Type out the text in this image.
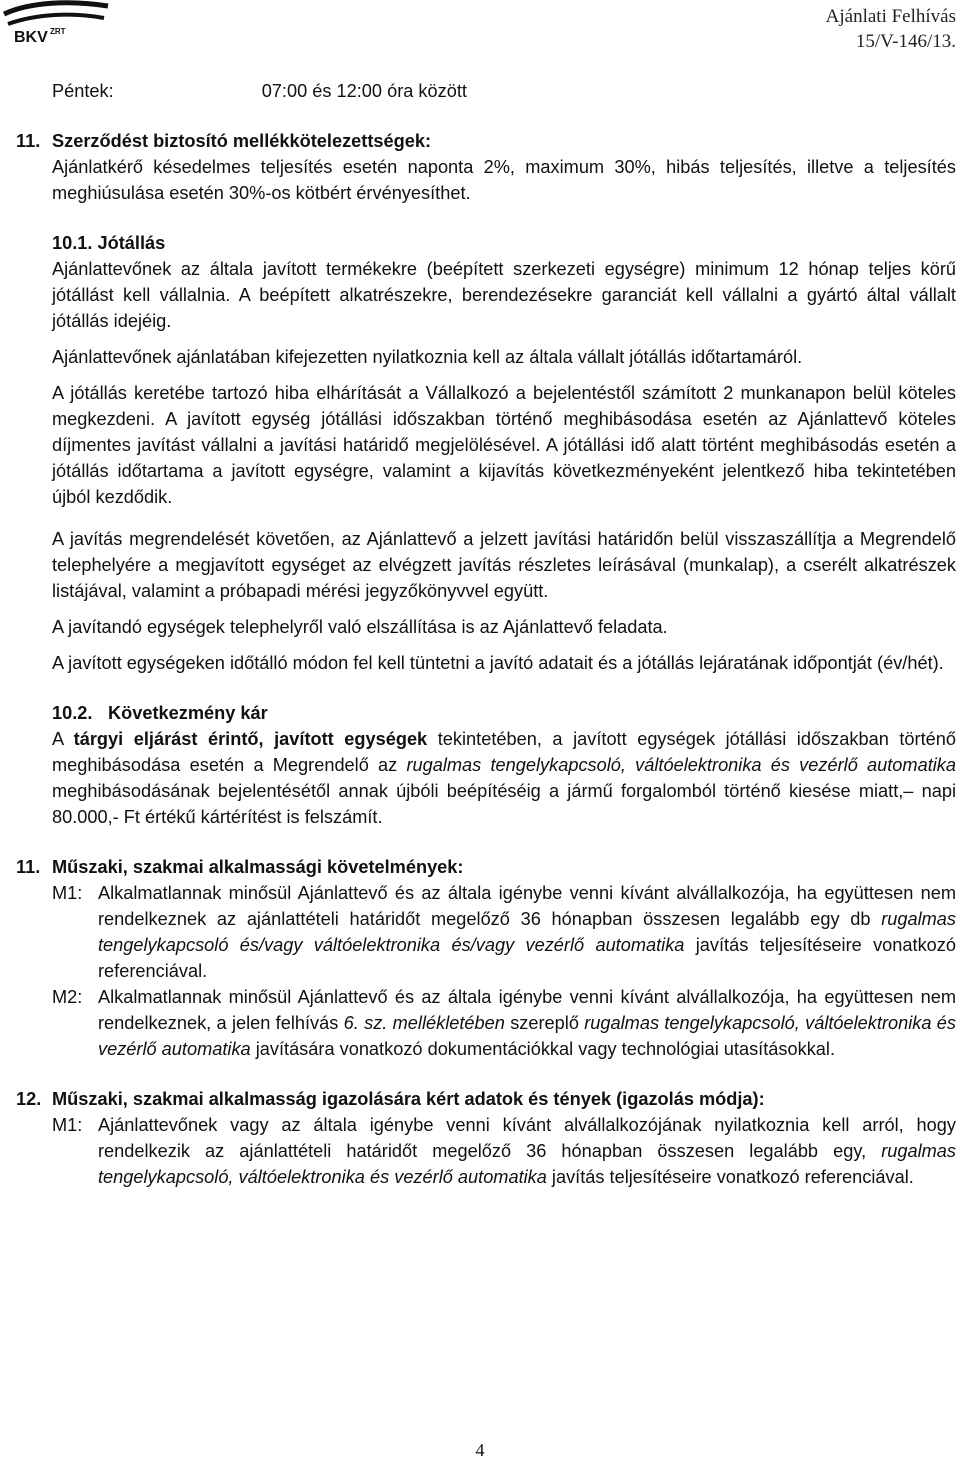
BKV ZRT
Ajánlati Felhívás
15/V-146/13.

Péntek:	07:00 és 12:00 óra között

11. Szerződést biztosító mellékkötelezettségek:

Ajánlatkérő késedelmes teljesítés esetén naponta 2%, maximum 30%, hibás teljesítés, illetve a teljesítés meghiúsulása esetén 30%-os kötbért érvényesíthet.

10.1. Jótállás

Ajánlattevőnek az általa javított termékekre (beépített szerkezeti egységre) minimum 12 hónap teljes körű jótállást kell vállalnia. A beépített alkatrészekre, berendezésekre garanciát kell vállalni a gyártó által vállalt jótállás idejéig.

Ajánlattevőnek ajánlatában kifejezetten nyilatkoznia kell az általa vállalt jótállás időtartamáról.

A jótállás keretébe tartozó hiba elhárítását a Vállalkozó a bejelentéstől számított 2 munkanapon belül köteles megkezdeni. A javított egység jótállási időszakban történő meghibásodása esetén az Ajánlattevő köteles díjmentes javítást vállalni a javítási határidő megjelölésével. A jótállási idő alatt történt meghibásodás esetén a jótállás időtartama a javított egységre, valamint a kijavítás következményeként jelentkező hiba tekintetében újból kezdődik.

A javítás megrendelését követően, az Ajánlattevő a jelzett javítási határidőn belül visszaszállítja a Megrendelő telephelyére a megjavított egységet az elvégzett javítás részletes leírásával (munkalap), a cserélt alkatrészek listájával, valamint a próbapadi mérési jegyzőkönyvvel együtt.

A javítandó egységek telephelyről való elszállítása is az Ajánlattevő feladata.

A javított egységeken időtálló módon fel kell tüntetni a javító adatait és a jótállás lejáratának időpontját (év/hét).

10.2. Következmény kár

A tárgyi eljárást érintő, javított egységek tekintetében, a javított egységek jótállási időszakban történő meghibásodása esetén a Megrendelő az rugalmas tengelykapcsoló, váltóelektronika és vezérlő automatika meghibásodásának bejelentésétől annak újbóli beépítéséig a jármű forgalomból történő kiesése miatt,– napi 80.000,- Ft értékű kártérítést is felszámít.

11. Műszaki, szakmai alkalmassági követelmények:

M1: Alkalmatlannak minősül Ajánlattevő és az általa igénybe venni kívánt alvállalkozója, ha együttesen nem rendelkeznek az ajánlattételi határidőt megelőző 36 hónapban összesen legalább egy db rugalmas tengelykapcsoló és/vagy váltóelektronika és/vagy vezérlő automatika javítás teljesítéseire vonatkozó referenciával.

M2: Alkalmatlannak minősül Ajánlattevő és az általa igénybe venni kívánt alvállalkozója, ha együttesen nem rendelkeznek, a jelen felhívás 6. sz. mellékletében szereplő rugalmas tengelykapcsoló, váltóelektronika és vezérlő automatika javítására vonatkozó dokumentációkkal vagy technológiai utasításokkal.

12. Műszaki, szakmai alkalmasság igazolására kért adatok és tények (igazolás módja):

M1: Ajánlattevőnek vagy az általa igénybe venni kívánt alvállalkozójának nyilatkoznia kell arról, hogy rendelkezik az ajánlattételi határidőt megelőző 36 hónapban összesen legalább egy, rugalmas tengelykapcsoló, váltóelektronika és vezérlő automatika javítás teljesítéseire vonatkozó referenciával.

4
